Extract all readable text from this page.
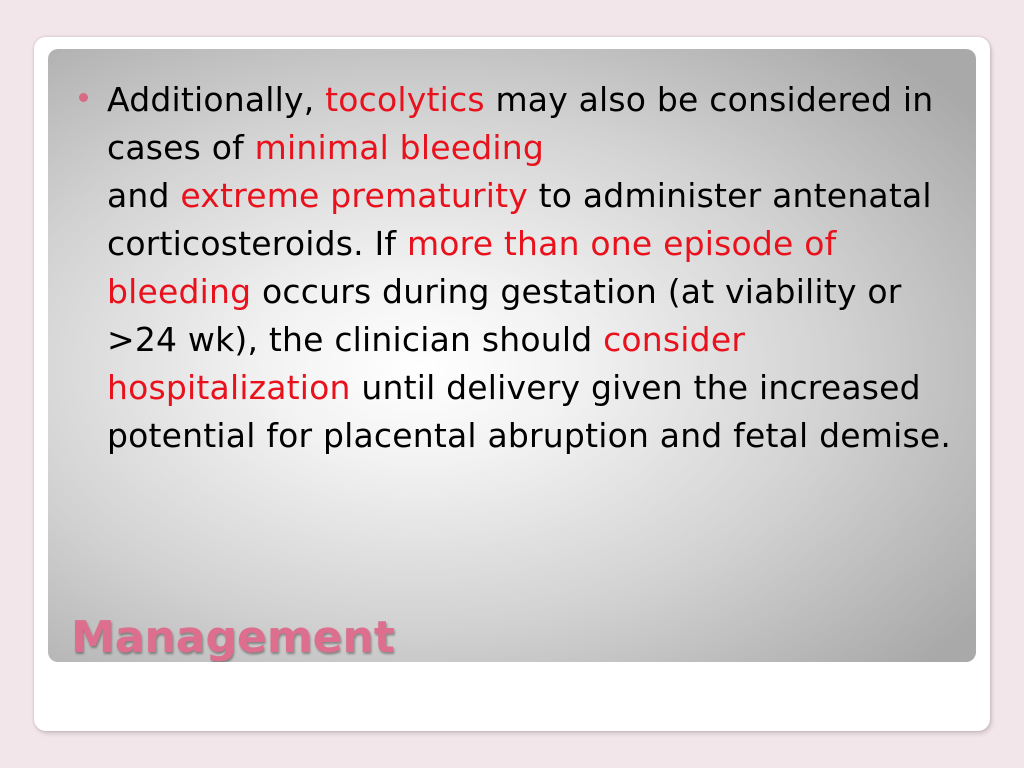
Additionally, tocolytics may also be considered in cases of minimal bleeding
and extreme prematurity to administer antenatal corticosteroids. If more than one episode of bleeding occurs during gestation (at viability or >24 wk), the clinician should consider hospitalization until delivery given the increased potential for placental abruption and fetal demise.
Management
